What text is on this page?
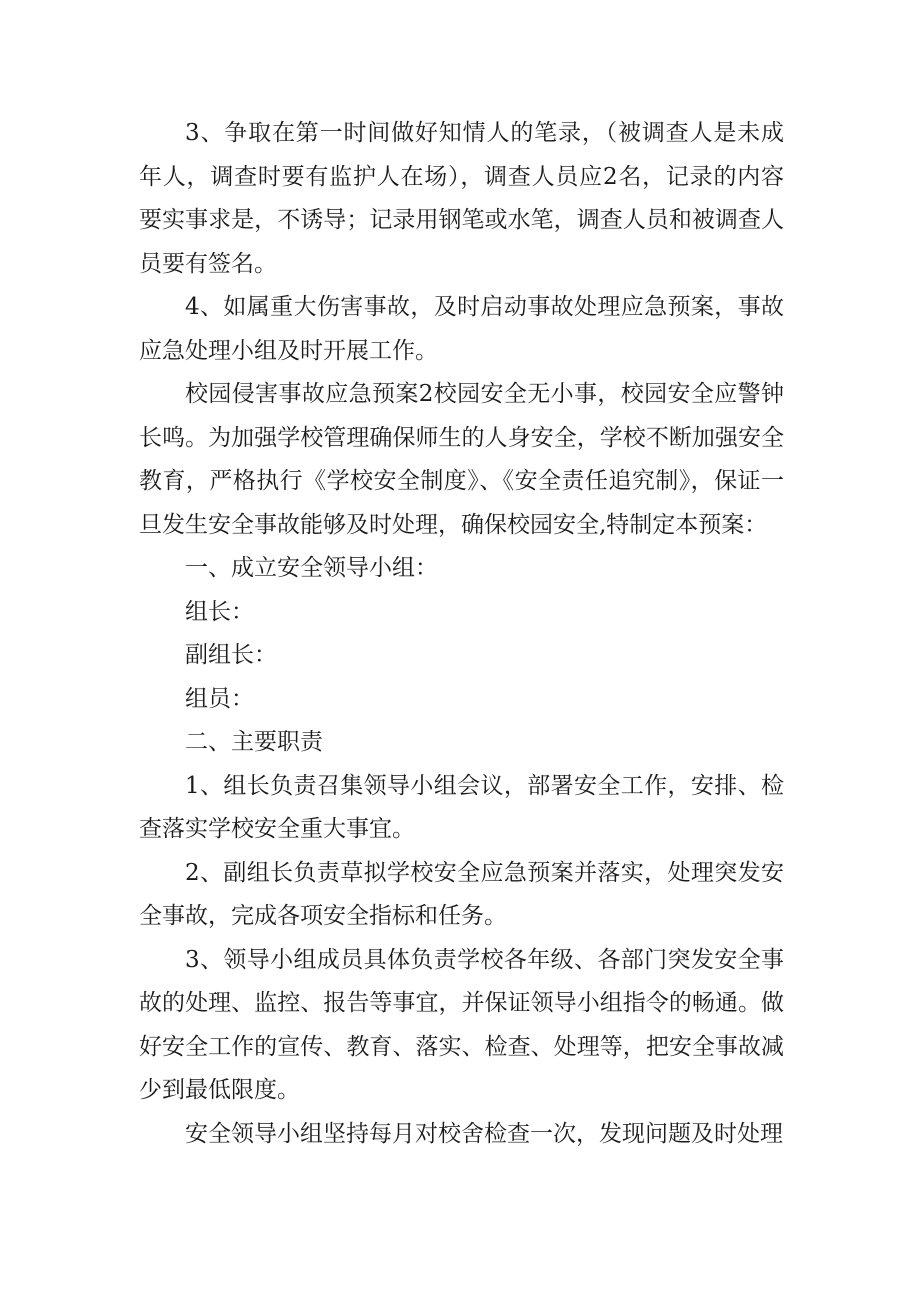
3、争取在第一时间做好知情人的笔录，（被调查人是未成年人，调查时要有监护人在场），调查人员应2名，记录的内容要实事求是，不诱导；记录用钢笔或水笔，调查人员和被调查人员要有签名。

4、如属重大伤害事故，及时启动事故处理应急预案，事故应急处理小组及时开展工作。

校园侵害事故应急预案2校园安全无小事，校园安全应警钟长鸣。为加强学校管理确保师生的人身安全，学校不断加强安全教育，严格执行《学校安全制度》、《安全责任追究制》，保证一旦发生安全事故能够及时处理，确保校园安全,特制定本预案：

一、成立安全领导小组：

组长：

副组长：

组员：

二、主要职责

1、组长负责召集领导小组会议，部署安全工作，安排、检查落实学校安全重大事宜。

2、副组长负责草拟学校安全应急预案并落实，处理突发安全事故，完成各项安全指标和任务。

3、领导小组成员具体负责学校各年级、各部门突发安全事故的处理、监控、报告等事宜，并保证领导小组指令的畅通。做好安全工作的宣传、教育、落实、检查、处理等，把安全事故减少到最低限度。

安全领导小组坚持每月对校舍检查一次，发现问题及时处理
